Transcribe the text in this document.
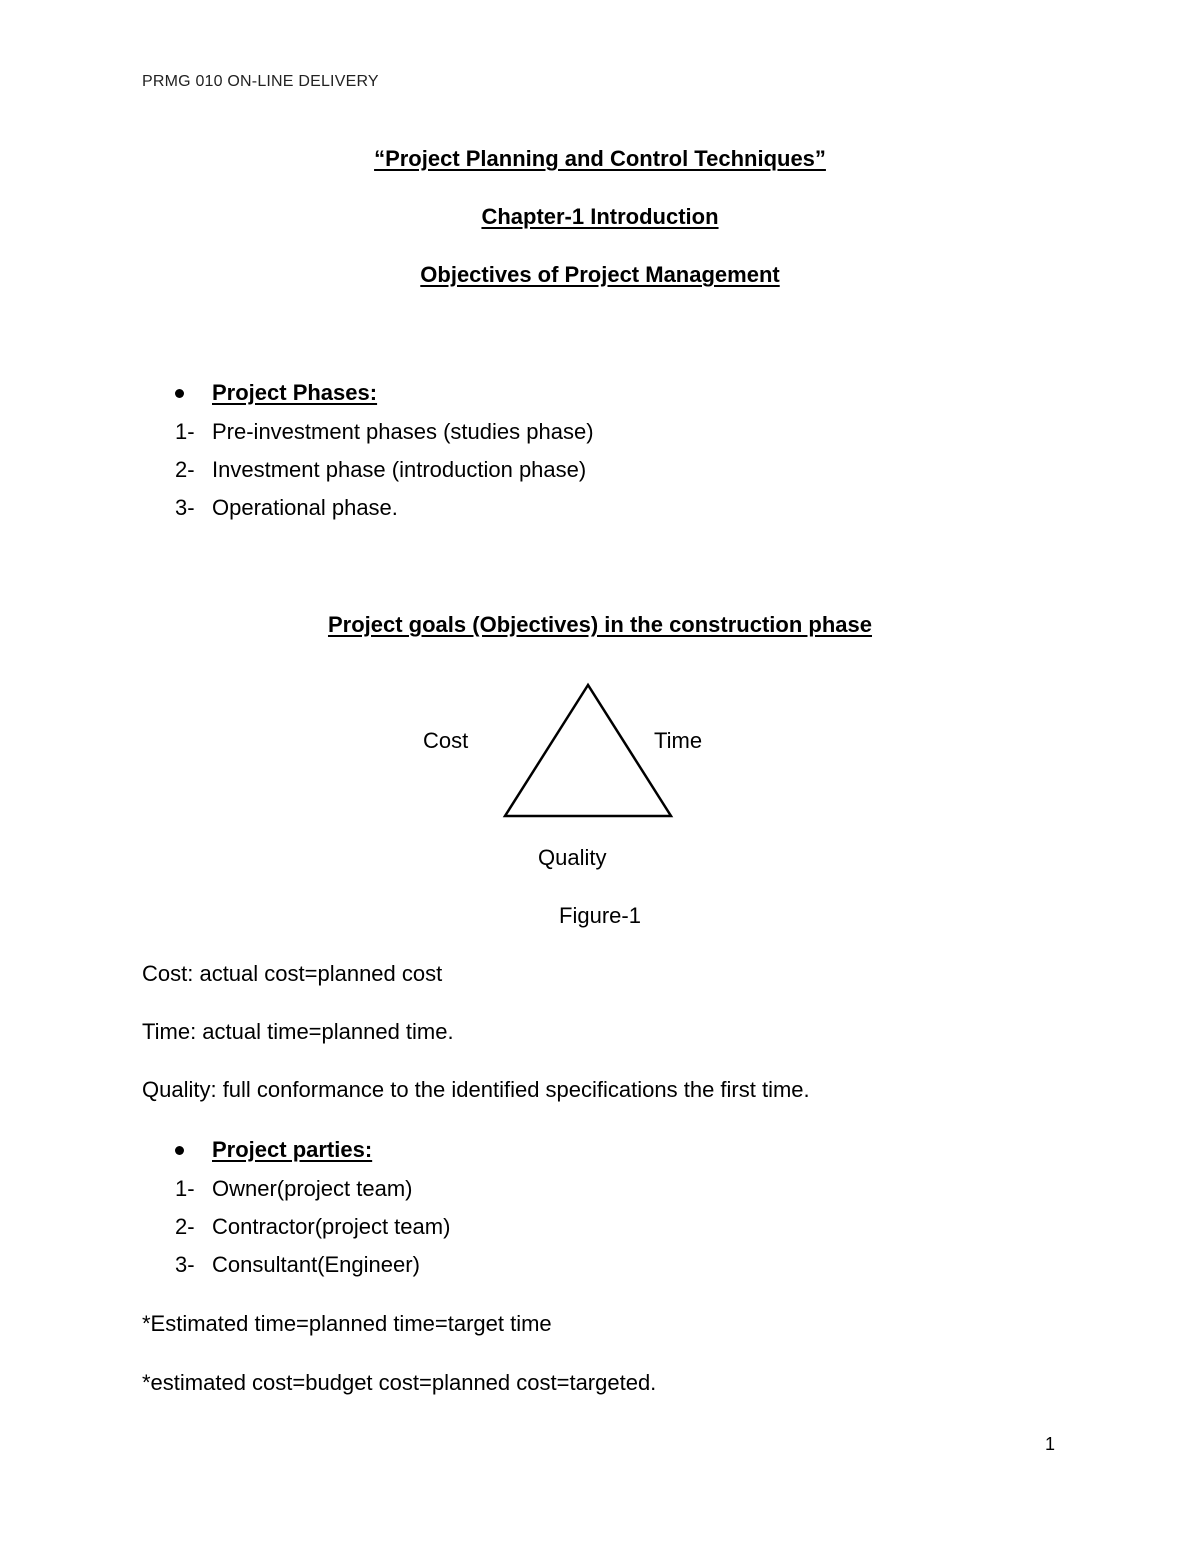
PRMG 010 ON-LINE DELIVERY
“Project Planning and Control Techniques”
Chapter-1 Introduction
Objectives of Project Management
Project Phases:
1- Pre-investment phases (studies phase)
2- Investment phase (introduction phase)
3- Operational phase.
Project goals (Objectives) in the construction phase
Cost	Time
Quality
Figure-1
Cost: actual cost=planned cost
Time: actual time=planned time.
Quality: full conformance to the identified specifications the first time.
Project parties:
1- Owner(project team)
2- Contractor(project team)
3- Consultant(Engineer)
*Estimated time=planned time=target time
*estimated cost=budget cost=planned cost=targeted.
1
